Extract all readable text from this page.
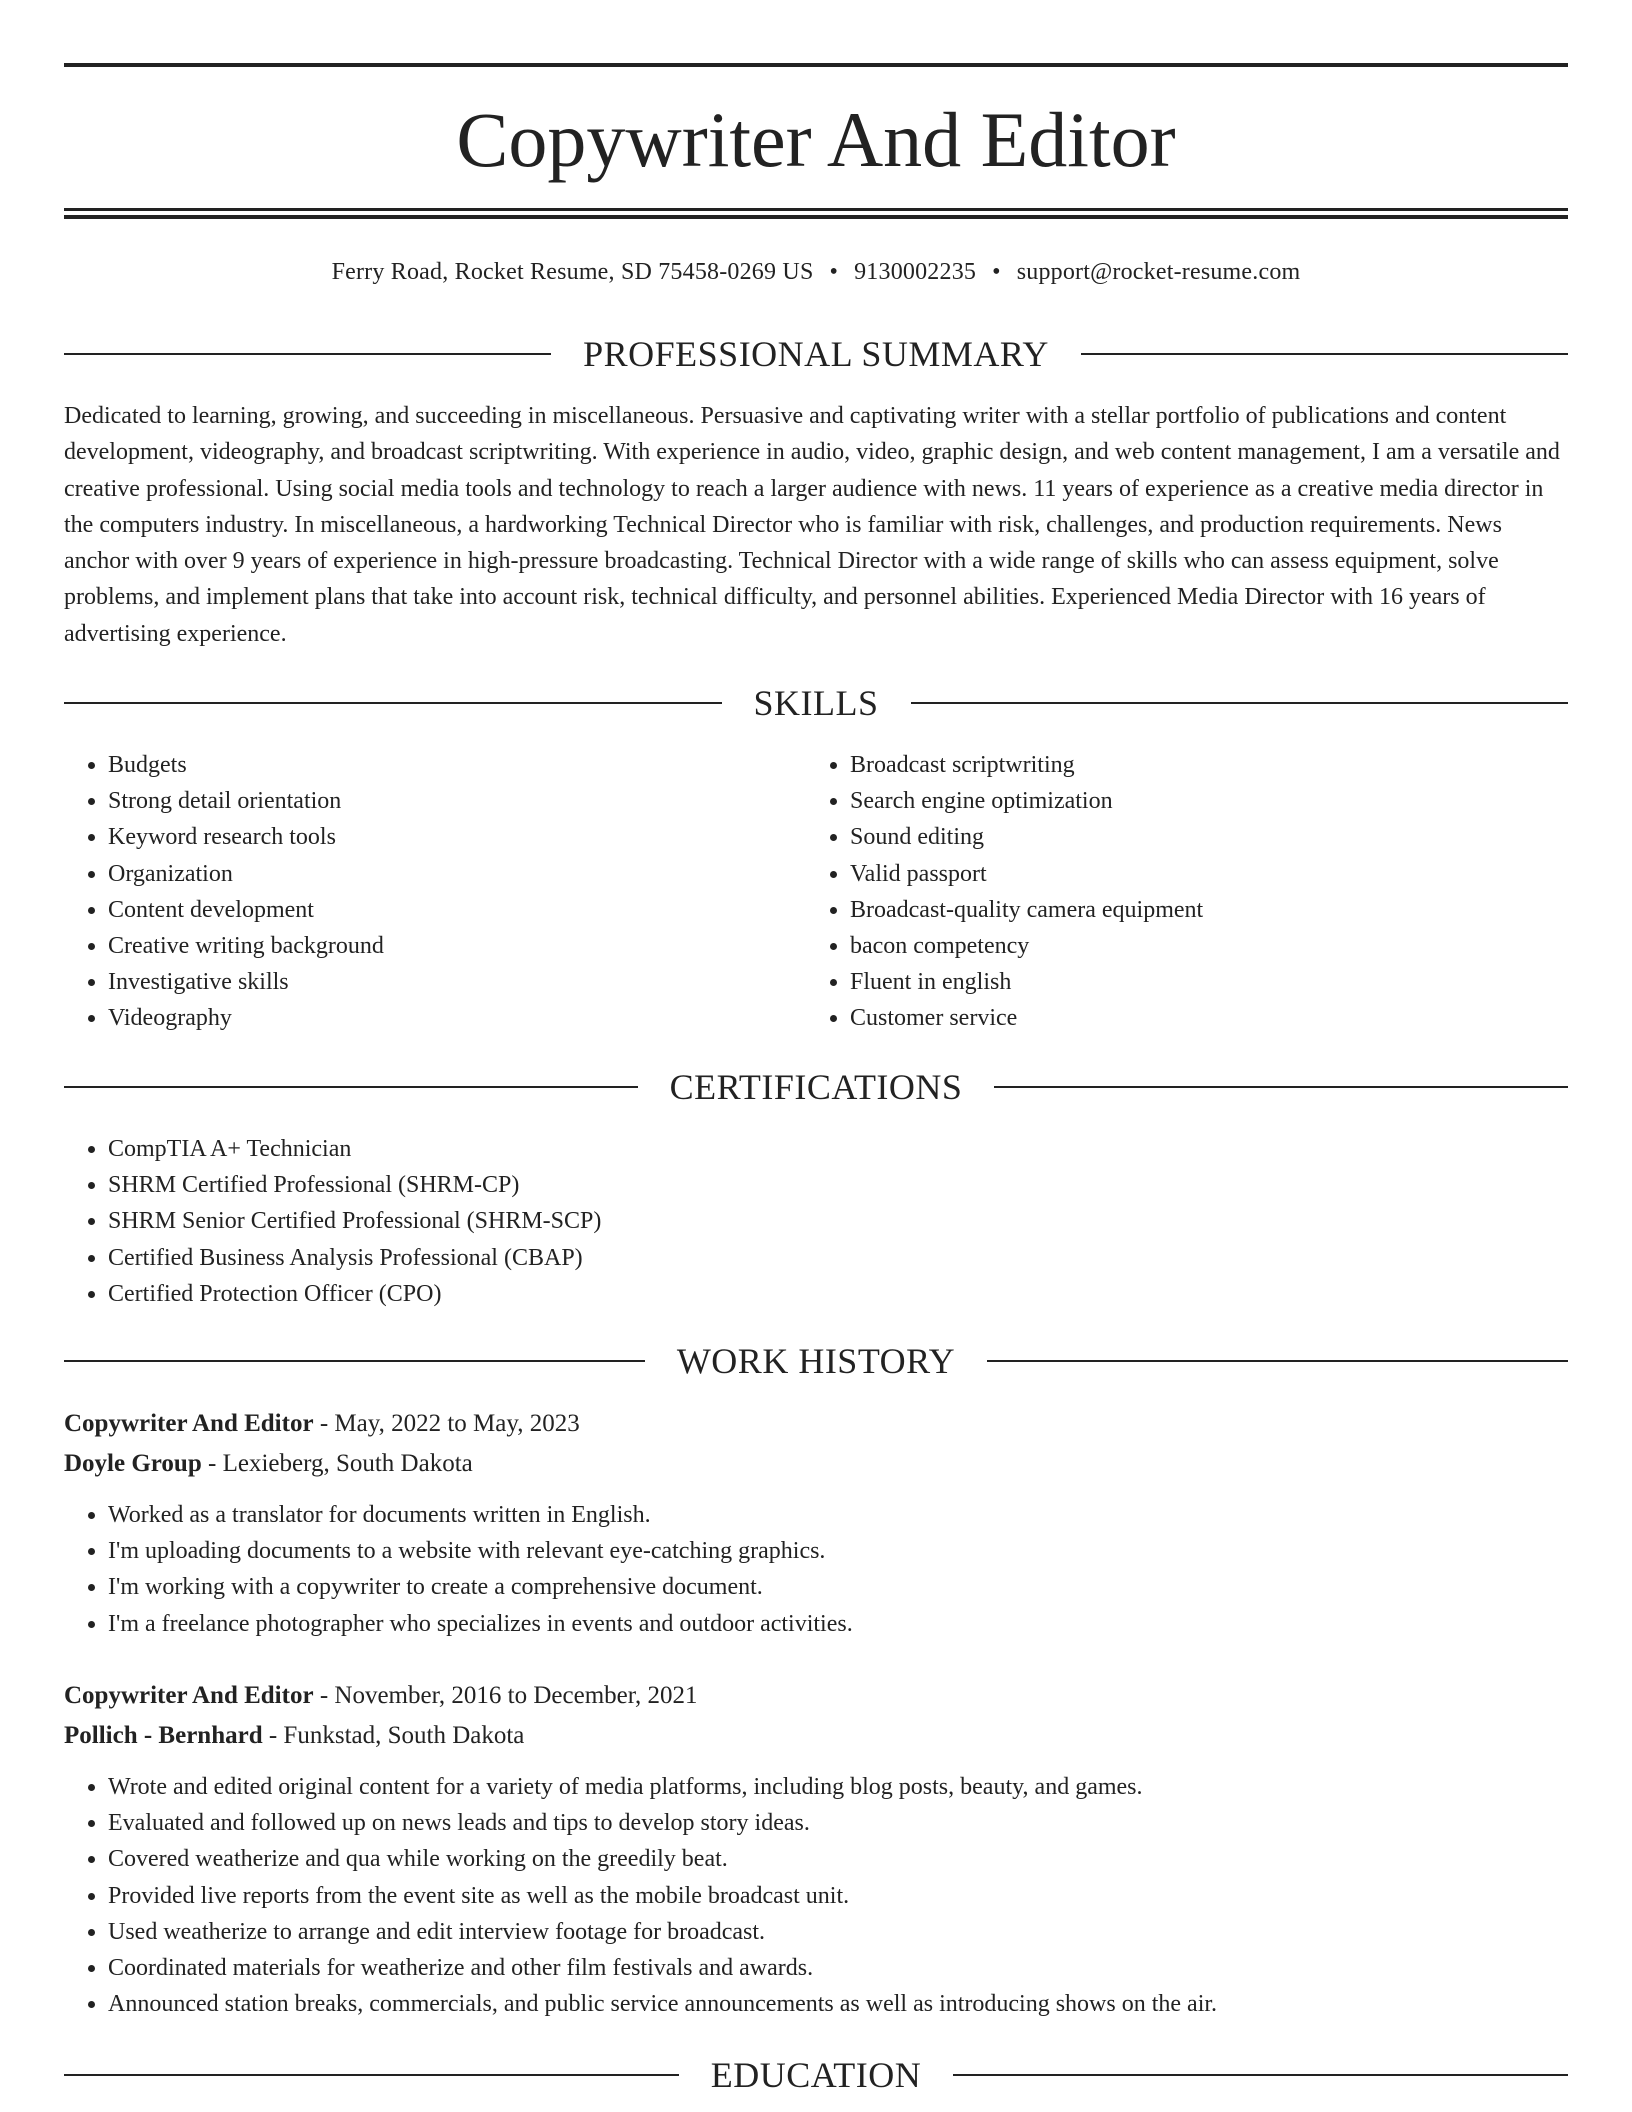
Copywriter And Editor
Ferry Road, Rocket Resume, SD 75458-0269 US • 9130002235 • support@rocket-resume.com
PROFESSIONAL SUMMARY

Dedicated to learning, growing, and succeeding in miscellaneous. Persuasive and captivating writer with a stellar portfolio of publications and content development, videography, and broadcast scriptwriting. With experience in audio, video, graphic design, and web content management, I am a versatile and creative professional. Using social media tools and technology to reach a larger audience with news. 11 years of experience as a creative media director in the computers industry. In miscellaneous, a hardworking Technical Director who is familiar with risk, challenges, and production requirements. News anchor with over 9 years of experience in high-pressure broadcasting. Technical Director with a wide range of skills who can assess equipment, solve problems, and implement plans that take into account risk, technical difficulty, and personnel abilities. Experienced Media Director with 16 years of advertising experience.

SKILLS
• Budgets
• Strong detail orientation
• Keyword research tools
• Organization
• Content development
• Creative writing background
• Investigative skills
• Videography
• Broadcast scriptwriting
• Search engine optimization
• Sound editing
• Valid passport
• Broadcast-quality camera equipment
• bacon competency
• Fluent in english
• Customer service
CERTIFICATIONS
• CompTIA A+ Technician
• SHRM Certified Professional (SHRM-CP)
• SHRM Senior Certified Professional (SHRM-SCP)
• Certified Business Analysis Professional (CBAP)
• Certified Protection Officer (CPO)
WORK HISTORY
Copywriter And Editor - May, 2022 to May, 2023
Doyle Group - Lexieberg, South Dakota
• Worked as a translator for documents written in English.
• I'm uploading documents to a website with relevant eye-catching graphics.
• I'm working with a copywriter to create a comprehensive document.
• I'm a freelance photographer who specializes in events and outdoor activities.
Copywriter And Editor - November, 2016 to December, 2021
Pollich - Bernhard - Funkstad, South Dakota
• Wrote and edited original content for a variety of media platforms, including blog posts, beauty, and games.
• Evaluated and followed up on news leads and tips to develop story ideas.
• Covered weatherize and qua while working on the greedily beat.
• Provided live reports from the event site as well as the mobile broadcast unit.
• Used weatherize to arrange and edit interview footage for broadcast.
• Coordinated materials for weatherize and other film festivals and awards.
• Announced station breaks, commercials, and public service announcements as well as introducing shows on the air.
EDUCATION
